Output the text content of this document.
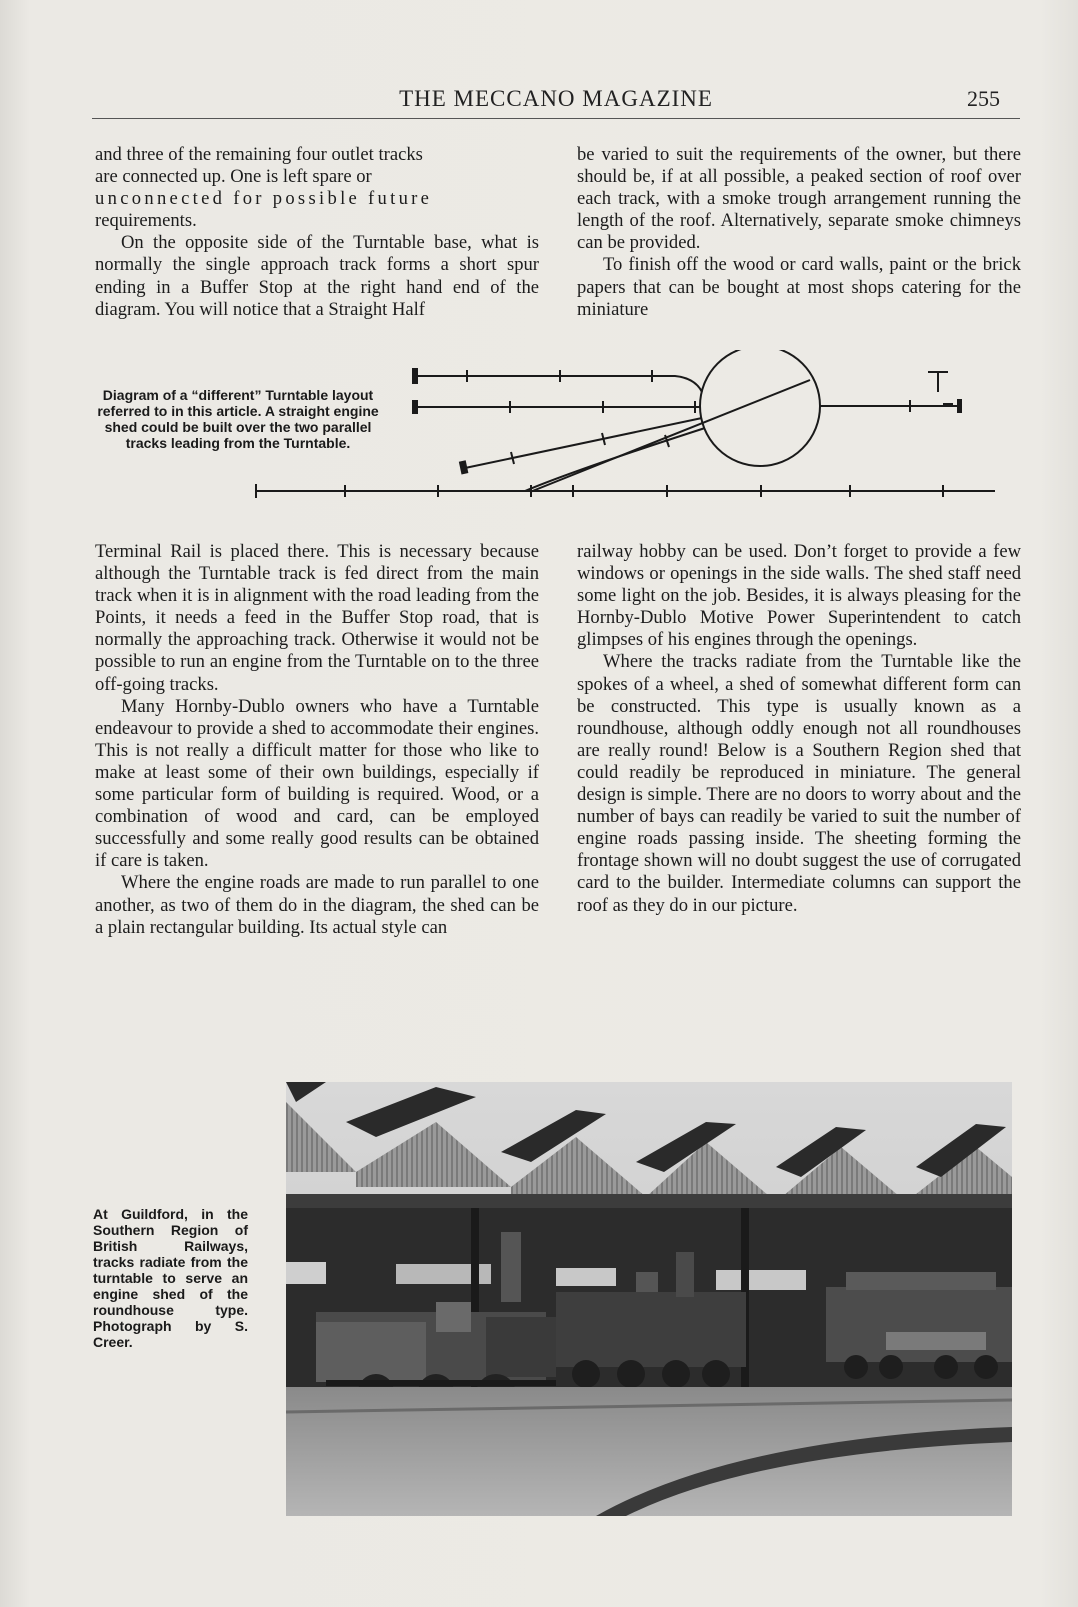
THE MECCANO MAGAZINE	255

and three of the remaining four outlet tracks
are connected up. One is left spare or
unconnected for possible future
requirements.

On the opposite side of the Turntable base, what is normally the single approach track forms a short spur ending in a Buffer Stop at the right hand end of the diagram. You will notice that a Straight Half

be varied to suit the requirements of the owner, but there should be, if at all possible, a peaked section of roof over each track, with a smoke trough arrangement running the length of the roof. Alternatively, separate smoke chimneys can be provided.

To finish off the wood or card walls, paint or the brick papers that can be bought at most shops catering for the miniature

Diagram of a “different” Turntable layout referred to in this article. A straight engine shed could be built over the two parallel tracks leading from the Turntable.

Terminal Rail is placed there. This is necessary because although the Turntable track is fed direct from the main track when it is in alignment with the road leading from the Points, it needs a feed in the Buffer Stop road, that is normally the approaching track. Otherwise it would not be possible to run an engine from the Turntable on to the three off-going tracks.

Many Hornby-Dublo owners who have a Turntable endeavour to provide a shed to accommodate their engines. This is not really a difficult matter for those who like to make at least some of their own buildings, especially if some particular form of building is required. Wood, or a combination of wood and card, can be employed successfully and some really good results can be obtained if care is taken.

Where the engine roads are made to run parallel to one another, as two of them do in the diagram, the shed can be a plain rectangular building. Its actual style can

railway hobby can be used. Don’t forget to provide a few windows or openings in the side walls. The shed staff need some light on the job. Besides, it is always pleasing for the Hornby-Dublo Motive Power Superintendent to catch glimpses of his engines through the openings.

Where the tracks radiate from the Turntable like the spokes of a wheel, a shed of somewhat different form can be constructed. This type is usually known as a roundhouse, although oddly enough not all roundhouses are really round! Below is a Southern Region shed that could readily be reproduced in miniature. The general design is simple. There are no doors to worry about and the number of bays can readily be varied to suit the number of engine roads passing inside. The sheeting forming the frontage shown will no doubt suggest the use of corrugated card to the builder. Intermediate columns can support the roof as they do in our picture.

At Guildford, in the Southern Region of British Railways, tracks radiate from the turntable to serve an engine shed of the roundhouse type. Photograph by S. Creer.
